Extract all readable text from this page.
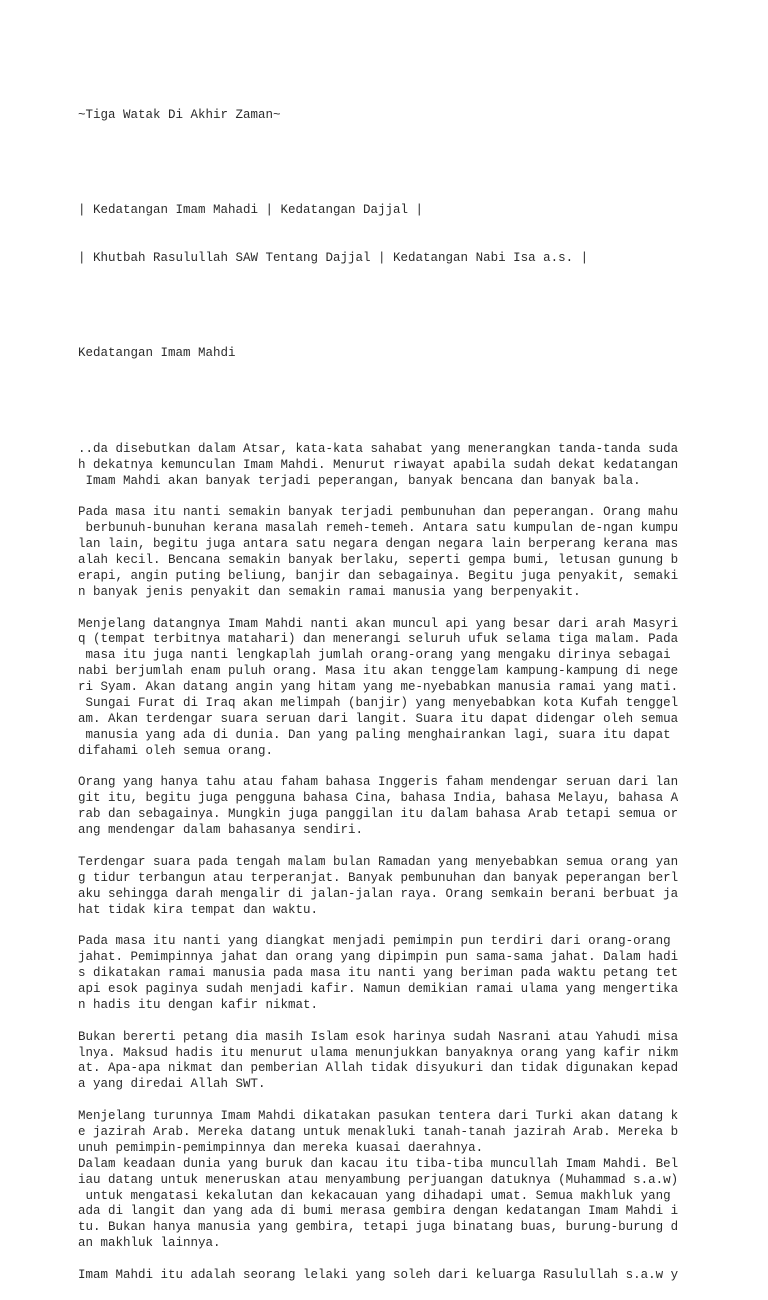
~Tiga Watak Di Akhir Zaman~

| Kedatangan Imam Mahadi | Kedatangan Dajjal |

| Khutbah Rasulullah SAW Tentang Dajjal | Kedatangan Nabi Isa a.s. |

Kedatangan Imam Mahdi

..da disebutkan dalam Atsar, kata-kata sahabat yang menerangkan tanda-tanda suda
h dekatnya kemunculan Imam Mahdi. Menurut riwayat apabila sudah dekat kedatangan
Imam Mahdi akan banyak terjadi peperangan, banyak bencana dan banyak bala.
Pada masa itu nanti semakin banyak terjadi pembunuhan dan peperangan. Orang mahu
berbunuh-bunuhan kerana masalah remeh-temeh. Antara satu kumpulan de-ngan kumpu
lan lain, begitu juga antara satu negara dengan negara lain berperang kerana mas
alah kecil. Bencana semakin banyak berlaku, seperti gempa bumi, letusan gunung b
erapi, angin puting beliung, banjir dan sebagainya. Begitu juga penyakit, semaki
n banyak jenis penyakit dan semakin ramai manusia yang berpenyakit.
Menjelang datangnya Imam Mahdi nanti akan muncul api yang besar dari arah Masyri
q (tempat terbitnya matahari) dan menerangi seluruh ufuk selama tiga malam. Pada
masa itu juga nanti lengkaplah jumlah orang-orang yang mengaku dirinya sebagai
nabi berjumlah enam puluh orang. Masa itu akan tenggelam kampung-kampung di nege
ri Syam. Akan datang angin yang hitam yang me-nyebabkan manusia ramai yang mati.
Sungai Furat di Iraq akan melimpah (banjir) yang menyebabkan kota Kufah tenggel
am. Akan terdengar suara seruan dari langit. Suara itu dapat didengar oleh semua
manusia yang ada di dunia. Dan yang paling menghairankan lagi, suara itu dapat
difahami oleh semua orang.
Orang yang hanya tahu atau faham bahasa Inggeris faham mendengar seruan dari lan
git itu, begitu juga pengguna bahasa Cina, bahasa India, bahasa Melayu, bahasa A
rab dan sebagainya. Mungkin juga panggilan itu dalam bahasa Arab tetapi semua or
ang mendengar dalam bahasanya sendiri.
Terdengar suara pada tengah malam bulan Ramadan yang menyebabkan semua orang yan
g tidur terbangun atau terperanjat. Banyak pembunuhan dan banyak peperangan berl
aku sehingga darah mengalir di jalan-jalan raya. Orang semkain berani berbuat ja
hat tidak kira tempat dan waktu.
Pada masa itu nanti yang diangkat menjadi pemimpin pun terdiri dari orang-orang
jahat. Pemimpinnya jahat dan orang yang dipimpin pun sama-sama jahat. Dalam hadi
s dikatakan ramai manusia pada masa itu nanti yang beriman pada waktu petang tet
api esok paginya sudah menjadi kafir. Namun demikian ramai ulama yang mengertika
n hadis itu dengan kafir nikmat.
Bukan bererti petang dia masih Islam esok harinya sudah Nasrani atau Yahudi misa
lnya. Maksud hadis itu menurut ulama menunjukkan banyaknya orang yang kafir nikm
at. Apa-apa nikmat dan pemberian Allah tidak disyukuri dan tidak digunakan kepad
a yang diredai Allah SWT.
Menjelang turunnya Imam Mahdi dikatakan pasukan tentera dari Turki akan datang k
e jazirah Arab. Mereka datang untuk menakluki tanah-tanah jazirah Arab. Mereka b
unuh pemimpin-pemimpinnya dan mereka kuasai daerahnya.
Dalam keadaan dunia yang buruk dan kacau itu tiba-tiba muncullah Imam Mahdi. Bel
iau datang untuk meneruskan atau menyambung perjuangan datuknya (Muhammad s.a.w)
untuk mengatasi kekalutan dan kekacauan yang dihadapi umat. Semua makhluk yang
ada di langit dan yang ada di bumi merasa gembira dengan kedatangan Imam Mahdi i
tu. Bukan hanya manusia yang gembira, tetapi juga binatang buas, burung-burung d
an makhluk lainnya.
Imam Mahdi itu adalah seorang lelaki yang soleh dari keluarga Rasulullah s.a.w y
